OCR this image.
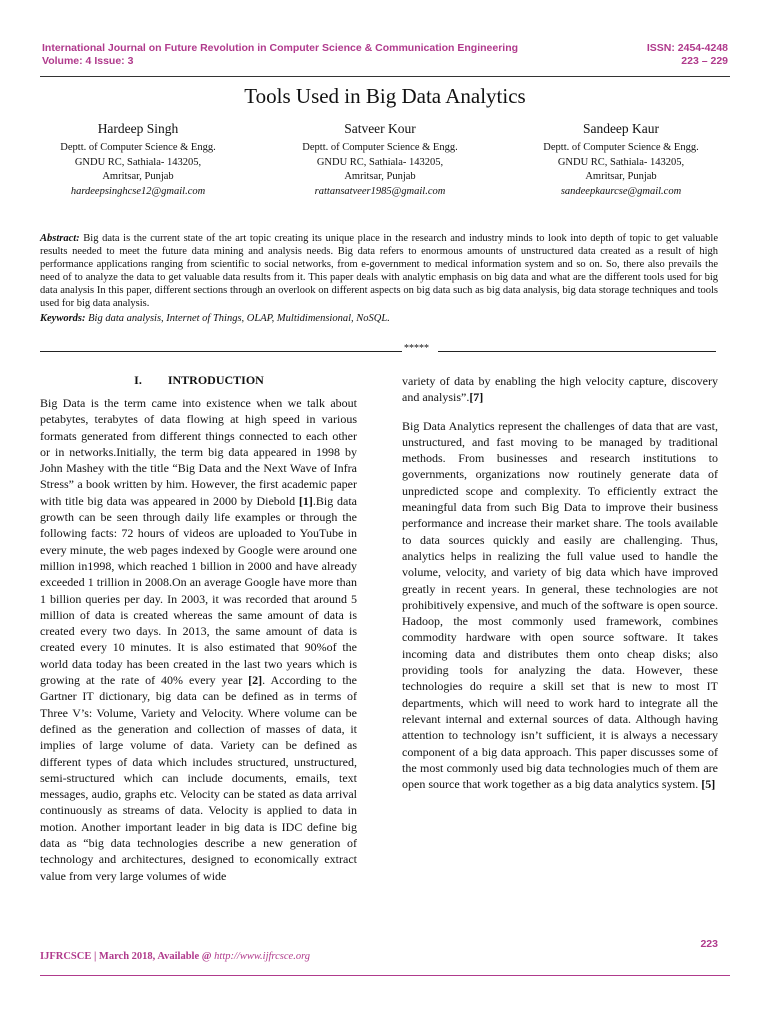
International Journal on Future Revolution in Computer Science & Communication Engineering
Volume: 4 Issue: 3
ISSN: 2454-4248
223 – 229
Tools Used in Big Data Analytics
Hardeep Singh
Deptt. of Computer Science & Engg.
GNDU RC, Sathiala- 143205,
Amritsar, Punjab
hardeepsinghcse12@gmail.com
Satveer Kour
Deptt. of Computer Science & Engg.
GNDU RC, Sathiala- 143205,
Amritsar, Punjab
rattansatveer1985@gmail.com
Sandeep Kaur
Deptt. of Computer Science & Engg.
GNDU RC, Sathiala- 143205,
Amritsar, Punjab
sandeepkaurcse@gmail.com
Abstract: Big data is the current state of the art topic creating its unique place in the research and industry minds to look into depth of topic to get valuable results needed to meet the future data mining and analysis needs. Big data refers to enormous amounts of unstructured data created as a result of high performance applications ranging from scientific to social networks, from e-government to medical information system and so on. So, there also prevails the need of to analyze the data to get valuable data results from it. This paper deals with analytic emphasis on big data and what are the different tools used for big data analysis In this paper, different sections through an overlook on different aspects on big data such as big data analysis, big data storage techniques and tools used for big data analysis.
Keywords: Big data analysis, Internet of Things, OLAP, Multidimensional, NoSQL.
*****
I. INTRODUCTION

Big Data is the term came into existence when we talk about petabytes, terabytes of data flowing at high speed in various formats generated from different things connected to each other or in networks.Initially, the term big data appeared in 1998 by John Mashey with the title “Big Data and the Next Wave of Infra Stress” a book written by him. However, the first academic paper with title big data was appeared in 2000 by Diebold [1].Big data growth can be seen through daily life examples or through the following facts: 72 hours of videos are uploaded to YouTube in every minute, the web pages indexed by Google were around one million in1998, which reached 1 billion in 2000 and have already exceeded 1 trillion in 2008.On an average Google have more than 1 billion queries per day. In 2003, it was recorded that around 5 million of data is created whereas the same amount of data is created every two days. In 2013, the same amount of data is created every 10 minutes. It is also estimated that 90%of the world data today has been created in the last two years which is growing at the rate of 40% every year [2]. According to the Gartner IT dictionary, big data can be defined as in terms of Three V’s: Volume, Variety and Velocity. Where volume can be defined as the generation and collection of masses of data, it implies of large volume of data. Variety can be defined as different types of data which includes structured, unstructured, semi-structured which can include documents, emails, text messages, audio, graphs etc. Velocity can be stated as data arrival continuously as streams of data. Velocity is applied to data in motion. Another important leader in big data is IDC define big data as “big data technologies describe a new generation of technology and architectures, designed to economically extract value from very large volumes of wide

variety of data by enabling the high velocity capture, discovery and analysis”.[7]

Big Data Analytics represent the challenges of data that are vast, unstructured, and fast moving to be managed by traditional methods. From businesses and research institutions to governments, organizations now routinely generate data of unpredicted scope and complexity. To efficiently extract the meaningful data from such Big Data to improve their business performance and increase their market share. The tools available to data sources quickly and easily are challenging. Thus, analytics helps in realizing the full value used to handle the volume, velocity, and variety of big data which have improved greatly in recent years. In general, these technologies are not prohibitively expensive, and much of the software is open source. Hadoop, the most commonly used framework, combines commodity hardware with open source software. It takes incoming data and distributes them onto cheap disks; also providing tools for analyzing the data. However, these technologies do require a skill set that is new to most IT departments, which will need to work hard to integrate all the relevant internal and external sources of data. Although having attention to technology isn’t sufficient, it is always a necessary component of a big data approach. This paper discusses some of the most commonly used big data technologies much of them are open source that work together as a big data analytics system. [5]

223
IJFRCSCE | March 2018, Available @ http://www.ijfrcsce.org
